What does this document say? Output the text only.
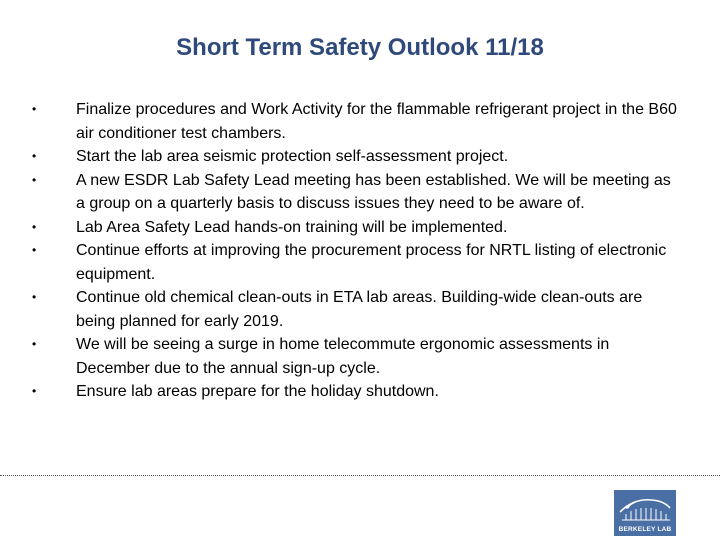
Short Term Safety Outlook 11/18
• Finalize procedures and Work Activity for the flammable refrigerant project in the B60 air conditioner test chambers.
• Start the lab area seismic protection self-assessment project.
• A new ESDR Lab Safety Lead meeting has been established. We will be meeting as a group on a quarterly basis to discuss issues they need to be aware of.
• Lab Area Safety Lead hands-on training will be implemented.
• Continue efforts at improving the procurement process for NRTL listing of electronic equipment.
• Continue old chemical clean-outs in ETA lab areas. Building-wide clean-outs are being planned for early 2019.
• We will be seeing a surge in home telecommute ergonomic assessments in December due to the annual sign-up cycle.
• Ensure lab areas prepare for the holiday shutdown.
BERKELEY LAB
